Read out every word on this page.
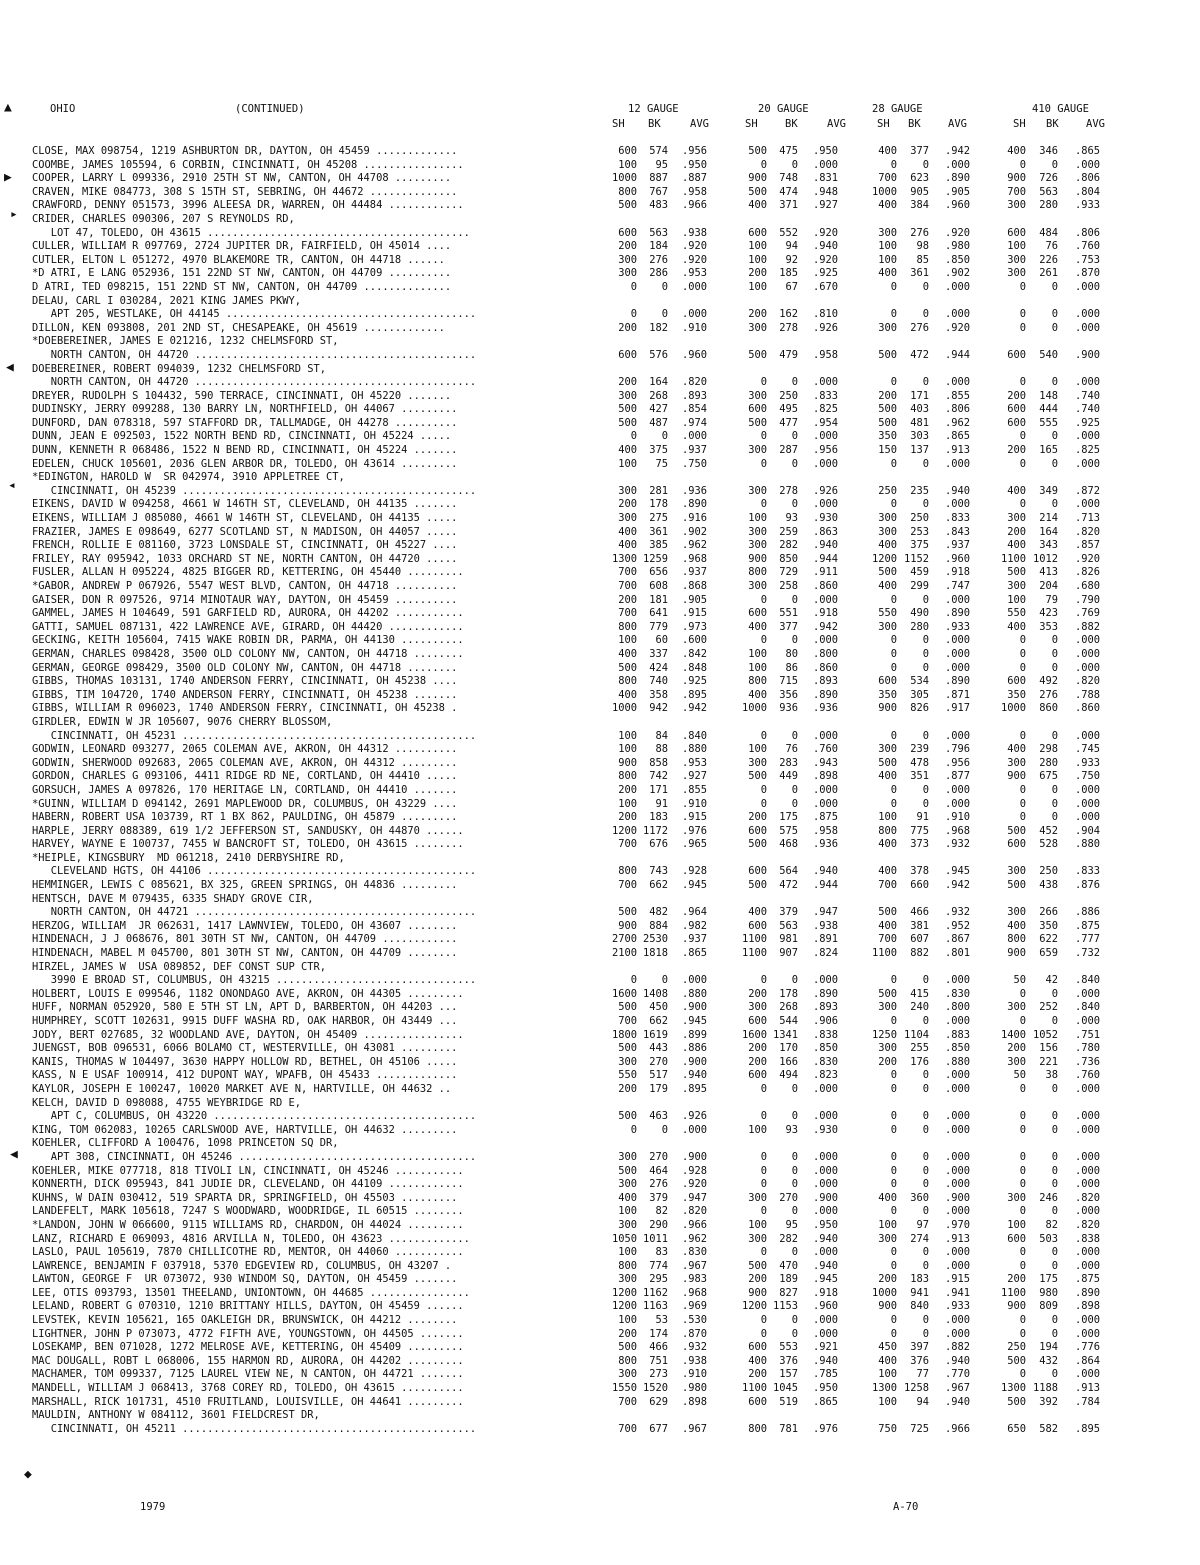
OHIO	(CONTINUED)	12 GAUGE	20 GAUGE	28 GAUGE	410 GAUGE
SH BK	AVG	SH	BK	AVG	SH BK	AVG	SH BK	AVG
CLOSE, MAX 098754, 1219 ASHBURTON DR, DAYTON, OH 45459 .............	600	574	.956	500	475	.950	400	377	.942	400	346	.865
COOMBE, JAMES 105594, 6 CORBIN, CINCINNATI, OH 45208 ................	100	95	.950	0	0	.000	0	0	.000	0	0	.000
COOPER, LARRY L 099336, 2910 25TH ST NW, CANTON, OH 44708 .........	1000	887	.887	900	748	.831	700	623	.890	900	726	.806
CRAVEN, MIKE 084773, 308 S 15TH ST, SEBRING, OH 44672 ..............	800	767	.958	500	474	.948	1000	905	.905	700	563	.804
CRAWFORD, DENNY 051573, 3996 ALEESA DR, WARREN, OH 44484 ............	500	483	.966	400	371	.927	400	384	.960	300	280	.933
CRIDER, CHARLES 090306, 207 S REYNOLDS RD,
LOT 47, TOLEDO, OH 43615 ..........................................	600	563	.938	600	552	.920	300	276	.920	600	484	.806
CULLER, WILLIAM R 097769, 2724 JUPITER DR, FAIRFIELD, OH 45014 ....	200	184	.920	100	94	.940	100	98	.980	100	76	.760
CUTLER, ELTON L 051272, 4970 BLAKEMORE TR, CANTON, OH 44718 ......	300	276	.920	100	92	.920	100	85	.850	300	226	.753
*D ATRI, E LANG 052936, 151 22ND ST NW, CANTON, OH 44709 ..........	300	286	.953	200	185	.925	400	361	.902	300	261	.870
D ATRI, TED 098215, 151 22ND ST NW, CANTON, OH 44709 ..............	0	0	.000	100	67	.670	0	0	.000	0	0	.000
DELAU, CARL I 030284, 2021 KING JAMES PKWY,
APT 205, WESTLAKE, OH 44145 ........................................	0	0	.000	200	162	.810	0	0	.000	0	0	.000
DILLON, KEN 093808, 201 2ND ST, CHESAPEAKE, OH 45619 .............	200	182	.910	300	278	.926	300	276	.920	0	0	.000
*DOEBEREINER, JAMES E 021216, 1232 CHELMSFORD ST,
NORTH CANTON, OH 44720 .............................................	600	576	.960	500	479	.958	500	472	.944	600	540	.900
DOEBEREINER, ROBERT 094039, 1232 CHELMSFORD ST,
NORTH CANTON, OH 44720 .............................................	200	164	.820	0	0	.000	0	0	.000	0	0	.000
DREYER, RUDOLPH S 104432, 590 TERRACE, CINCINNATI, OH 45220 .......	300	268	.893	300	250	.833	200	171	.855	200	148	.740
DUDINSKY, JERRY 099288, 130 BARRY LN, NORTHFIELD, OH 44067 .........	500	427	.854	600	495	.825	500	403	.806	600	444	.740
DUNFORD, DAN 078318, 597 STAFFORD DR, TALLMADGE, OH 44278 ..........	500	487	.974	500	477	.954	500	481	.962	600	555	.925
DUNN, JEAN E 092503, 1522 NORTH BEND RD, CINCINNATI, OH 45224 .....	0	0	.000	0	0	.000	350	303	.865	0	0	.000
DUNN, KENNETH R 068486, 1522 N BEND RD, CINCINNATI, OH 45224 .......	400	375	.937	300	287	.956	150	137	.913	200	165	.825
EDELEN, CHUCK 105601, 2036 GLEN ARBOR DR, TOLEDO, OH 43614 .........	100	75	.750	0	0	.000	0	0	.000	0	0	.000
*EDINGTON, HAROLD W  SR 042974, 3910 APPLETREE CT,
CINCINNATI, OH 45239 ...............................................	300	281	.936	300	278	.926	250	235	.940	400	349	.872
EIKENS, DAVID W 094258, 4661 W 146TH ST, CLEVELAND, OH 44135 .......	200	178	.890	0	0	.000	0	0	.000	0	0	.000
EIKENS, WILLIAM J 085080, 4661 W 146TH ST, CLEVELAND, OH 44135 .....	300	275	.916	100	93	.930	300	250	.833	300	214	.713
FRAZIER, JAMES E 098649, 6277 SCOTLAND ST, N MADISON, OH 44057 .....	400	361	.902	300	259	.863	300	253	.843	200	164	.820
FRENCH, ROLLIE E 081160, 3723 LONSDALE ST, CINCINNATI, OH 45227 ....	400	385	.962	300	282	.940	400	375	.937	400	343	.857
FRILEY, RAY 095942, 1033 ORCHARD ST NE, NORTH CANTON, OH 44720 .....	1300 1259	.968	900	850	.944	1200 1152	.960	1100 1012	.920
FUSLER, ALLAN H 095224, 4825 BIGGER RD, KETTERING, OH 45440 .........	700	656	.937	800	729	.911	500	459	.918	500	413	.826
*GABOR, ANDREW P 067926, 5547 WEST BLVD, CANTON, OH 44718 ..........	700	608	.868	300	258	.860	400	299	.747	300	204	.680
GAISER, DON R 097526, 9714 MINOTAUR WAY, DAYTON, OH 45459 ..........	200	181	.905	0	0	.000	0	0	.000	100	79	.790
GAMMEL, JAMES H 104649, 591 GARFIELD RD, AURORA, OH 44202 ...........	700	641	.915	600	551	.918	550	490	.890	550	423	.769
GATTI, SAMUEL 087131, 422 LAWRENCE AVE, GIRARD, OH 44420 ............	800	779	.973	400	377	.942	300	280	.933	400	353	.882
GECKING, KEITH 105604, 7415 WAKE ROBIN DR, PARMA, OH 44130 ..........	100	60	.600	0	0	.000	0	0	.000	0	0	.000
GERMAN, CHARLES 098428, 3500 OLD COLONY NW, CANTON, OH 44718 ........	400	337	.842	100	80	.800	0	0	.000	0	0	.000
GERMAN, GEORGE 098429, 3500 OLD COLONY NW, CANTON, OH 44718 ........	500	424	.848	100	86	.860	0	0	.000	0	0	.000
GIBBS, THOMAS 103131, 1740 ANDERSON FERRY, CINCINNATI, OH 45238 ....	800	740	.925	800	715	.893	600	534	.890	600	492	.820
GIBBS, TIM 104720, 1740 ANDERSON FERRY, CINCINNATI, OH 45238 .......	400	358	.895	400	356	.890	350	305	.871	350	276	.788
GIBBS, WILLIAM R 096023, 1740 ANDERSON FERRY, CINCINNATI, OH 45238 .	1000	942	.942	1000	936	.936	900	826	.917	1000	860	.860
GIRDLER, EDWIN W JR 105607, 9076 CHERRY BLOSSOM,
CINCINNATI, OH 45231 ...............................................	100	84	.840	0	0	.000	0	0	.000	0	0	.000
GODWIN, LEONARD 093277, 2065 COLEMAN AVE, AKRON, OH 44312 ..........	100	88	.880	100	76	.760	300	239	.796	400	298	.745
GODWIN, SHERWOOD 092683, 2065 COLEMAN AVE, AKRON, OH 44312 .........	900	858	.953	300	283	.943	500	478	.956	300	280	.933
GORDON, CHARLES G 093106, 4411 RIDGE RD NE, CORTLAND, OH 44410 .....	800	742	.927	500	449	.898	400	351	.877	900	675	.750
GORSUCH, JAMES A 097826, 170 HERITAGE LN, CORTLAND, OH 44410 .......	200	171	.855	0	0	.000	0	0	.000	0	0	.000
*GUINN, WILLIAM D 094142, 2691 MAPLEWOOD DR, COLUMBUS, OH 43229 ....	100	91	.910	0	0	.000	0	0	.000	0	0	.000
HABERN, ROBERT USA 103739, RT 1 BX 862, PAULDING, OH 45879 .........	200	183	.915	200	175	.875	100	91	.910	0	0	.000
HARPLE, JERRY 088389, 619 1/2 JEFFERSON ST, SANDUSKY, OH 44870 ......	1200 1172	.976	600	575	.958	800	775	.968	500	452	.904
HARVEY, WAYNE E 100737, 7455 W BANCROFT ST, TOLEDO, OH 43615 ........	700	676	.965	500	468	.936	400	373	.932	600	528	.880
*HEIPLE, KINGSBURY  MD 061218, 2410 DERBYSHIRE RD,
CLEVELAND HGTS, OH 44106 ...........................................	800	743	.928	600	564	.940	400	378	.945	300	250	.833
HEMMINGER, LEWIS C 085621, BX 325, GREEN SPRINGS, OH 44836 .........	700	662	.945	500	472	.944	700	660	.942	500	438	.876
HENTSCH, DAVE M 079435, 6335 SHADY GROVE CIR,
NORTH CANTON, OH 44721 .............................................	500	482	.964	400	379	.947	500	466	.932	300	266	.886
HERZOG, WILLIAM  JR 062631, 1417 LAWNVIEW, TOLEDO, OH 43607 ........	900	884	.982	600	563	.938	400	381	.952	400	350	.875
HINDENACH, J J 068676, 801 30TH ST NW, CANTON, OH 44709 ............	2700 2530	.937	1100	981	.891	700	607	.867	800	622	.777
HINDENACH, MABEL M 045700, 801 30TH ST NW, CANTON, OH 44709 ........	2100 1818	.865	1100	907	.824	1100	882	.801	900	659	.732
HIRZEL, JAMES W  USA 089852, DEF CONST SUP CTR,
3990 E BROAD ST, COLUMBUS, OH 43215 ................................	0	0	.000	0	0	.000	0	0	.000	50	42	.840
HOLBERT, LOUIS E 099546, 1182 ONONDAGO AVE, AKRON, OH 44305 .........	1600 1408	.880	200	178	.890	500	415	.830	0	0	.000
HUFF, NORMAN 052920, 580 E 5TH ST LN, APT D, BARBERTON, OH 44203 ...	500	450	.900	300	268	.893	300	240	.800	300	252	.840
HUMPHREY, SCOTT 102631, 9915 DUFF WASHA RD, OAK HARBOR, OH 43449 ...	700	662	.945	600	544	.906	0	0	.000	0	0	.000
JODY, BERT 027685, 32 WOODLAND AVE, DAYTON, OH 45409 ................	1800 1619	.899	1600 1341	.838	1250 1104	.883	1400 1052	.751
JUENGST, BOB 096531, 6066 BOLAMO CT, WESTERVILLE, OH 43081 .........	500	443	.886	200	170	.850	300	255	.850	200	156	.780
KANIS, THOMAS W 104497, 3630 HAPPY HOLLOW RD, BETHEL, OH 45106 .....	300	270	.900	200	166	.830	200	176	.880	300	221	.736
KASS, N E USAF 100914, 412 DUPONT WAY, WPAFB, OH 45433 .............	550	517	.940	600	494	.823	0	0	.000	50	38	.760
KAYLOR, JOSEPH E 100247, 10020 MARKET AVE N, HARTVILLE, OH 44632 ..	200	179	.895	0	0	.000	0	0	.000	0	0	.000
KELCH, DAVID D 098088, 4755 WEYBRIDGE RD E,
APT C, COLUMBUS, OH 43220 ..........................................	500	463	.926	0	0	.000	0	0	.000	0	0	.000
KING, TOM 062083, 10265 CARLSWOOD AVE, HARTVILLE, OH 44632 .........	0	0	.000	100	93	.930	0	0	.000	0	0	.000
KOEHLER, CLIFFORD A 100476, 1098 PRINCETON SQ DR,
APT 308, CINCINNATI, OH 45246 ......................................	300	270	.900	0	0	.000	0	0	.000	0	0	.000
KOEHLER, MIKE 077718, 818 TIVOLI LN, CINCINNATI, OH 45246 ...........	500	464	.928	0	0	.000	0	0	.000	0	0	.000
KONNERTH, DICK 095943, 841 JUDIE DR, CLEVELAND, OH 44109 ............	300	276	.920	0	0	.000	0	0	.000	0	0	.000
KUHNS, W DAIN 030412, 519 SPARTA DR, SPRINGFIELD, OH 45503 .........	400	379	.947	300	270	.900	400	360	.900	300	246	.820
LANDEFELT, MARK 105618, 7247 S WOODWARD, WOODRIDGE, IL 60515 ........	100	82	.820	0	0	.000	0	0	.000	0	0	.000
*LANDON, JOHN W 066600, 9115 WILLIAMS RD, CHARDON, OH 44024 .........	300	290	.966	100	95	.950	100	97	.970	100	82	.820
LANZ, RICHARD E 069093, 4816 ARVILLA N, TOLEDO, OH 43623 .............	1050 1011	.962	300	282	.940	300	274	.913	600	503	.838
LASLO, PAUL 105619, 7870 CHILLICOTHE RD, MENTOR, OH 44060 ...........	100	83	.830	0	0	.000	0	0	.000	0	0	.000
LAWRENCE, BENJAMIN F 037918, 5370 EDGEVIEW RD, COLUMBUS, OH 43207 .	800	774	.967	500	470	.940	0	0	.000	0	0	.000
LAWTON, GEORGE F  UR 073072, 930 WINDOM SQ, DAYTON, OH 45459 .......	300	295	.983	200	189	.945	200	183	.915	200	175	.875
LEE, OTIS 093793, 13501 THEELAND, UNIONTOWN, OH 44685 ................	1200 1162	.968	900	827	.918	1000	941	.941	1100	980	.890
LELAND, ROBERT G 070310, 1210 BRITTANY HILLS, DAYTON, OH 45459 ......	1200 1163	.969	1200 1153	.960	900	840	.933	900	809	.898
LEVSTEK, KEVIN 105621, 165 OAKLEIGH DR, BRUNSWICK, OH 44212 ........	100	53	.530	0	0	.000	0	0	.000	0	0	.000
LIGHTNER, JOHN P 073073, 4772 FIFTH AVE, YOUNGSTOWN, OH 44505 .......	200	174	.870	0	0	.000	0	0	.000	0	0	.000
LOSEKAMP, BEN 071028, 1272 MELROSE AVE, KETTERING, OH 45409 .........	500	466	.932	600	553	.921	450	397	.882	250	194	.776
MAC DOUGALL, ROBT L 068006, 155 HARMON RD, AURORA, OH 44202 .........	800	751	.938	400	376	.940	400	376	.940	500	432	.864
MACHAMER, TOM 099337, 7125 LAUREL VIEW NE, N CANTON, OH 44721 .......	300	273	.910	200	157	.785	100	77	.770	0	0	.000
MANDELL, WILLIAM J 068413, 3768 COREY RD, TOLEDO, OH 43615 ..........	1550 1520	.980	1100 1045	.950	1300 1258	.967	1300 1188	.913
MARSHALL, RICK 101731, 4510 FRUITLAND, LOUISVILLE, OH 44641 .........	700	629	.898	600	519	.865	100	94	.940	500	392	.784
MAULDIN, ANTHONY W 084112, 3601 FIELDCREST DR,
CINCINNATI, OH 45211 ...............................................	700	677	.967	800	781	.976	750	725	.966	650	582	.895
▲
▶
▸
◀
◂
◀
◆
1979	A-70
